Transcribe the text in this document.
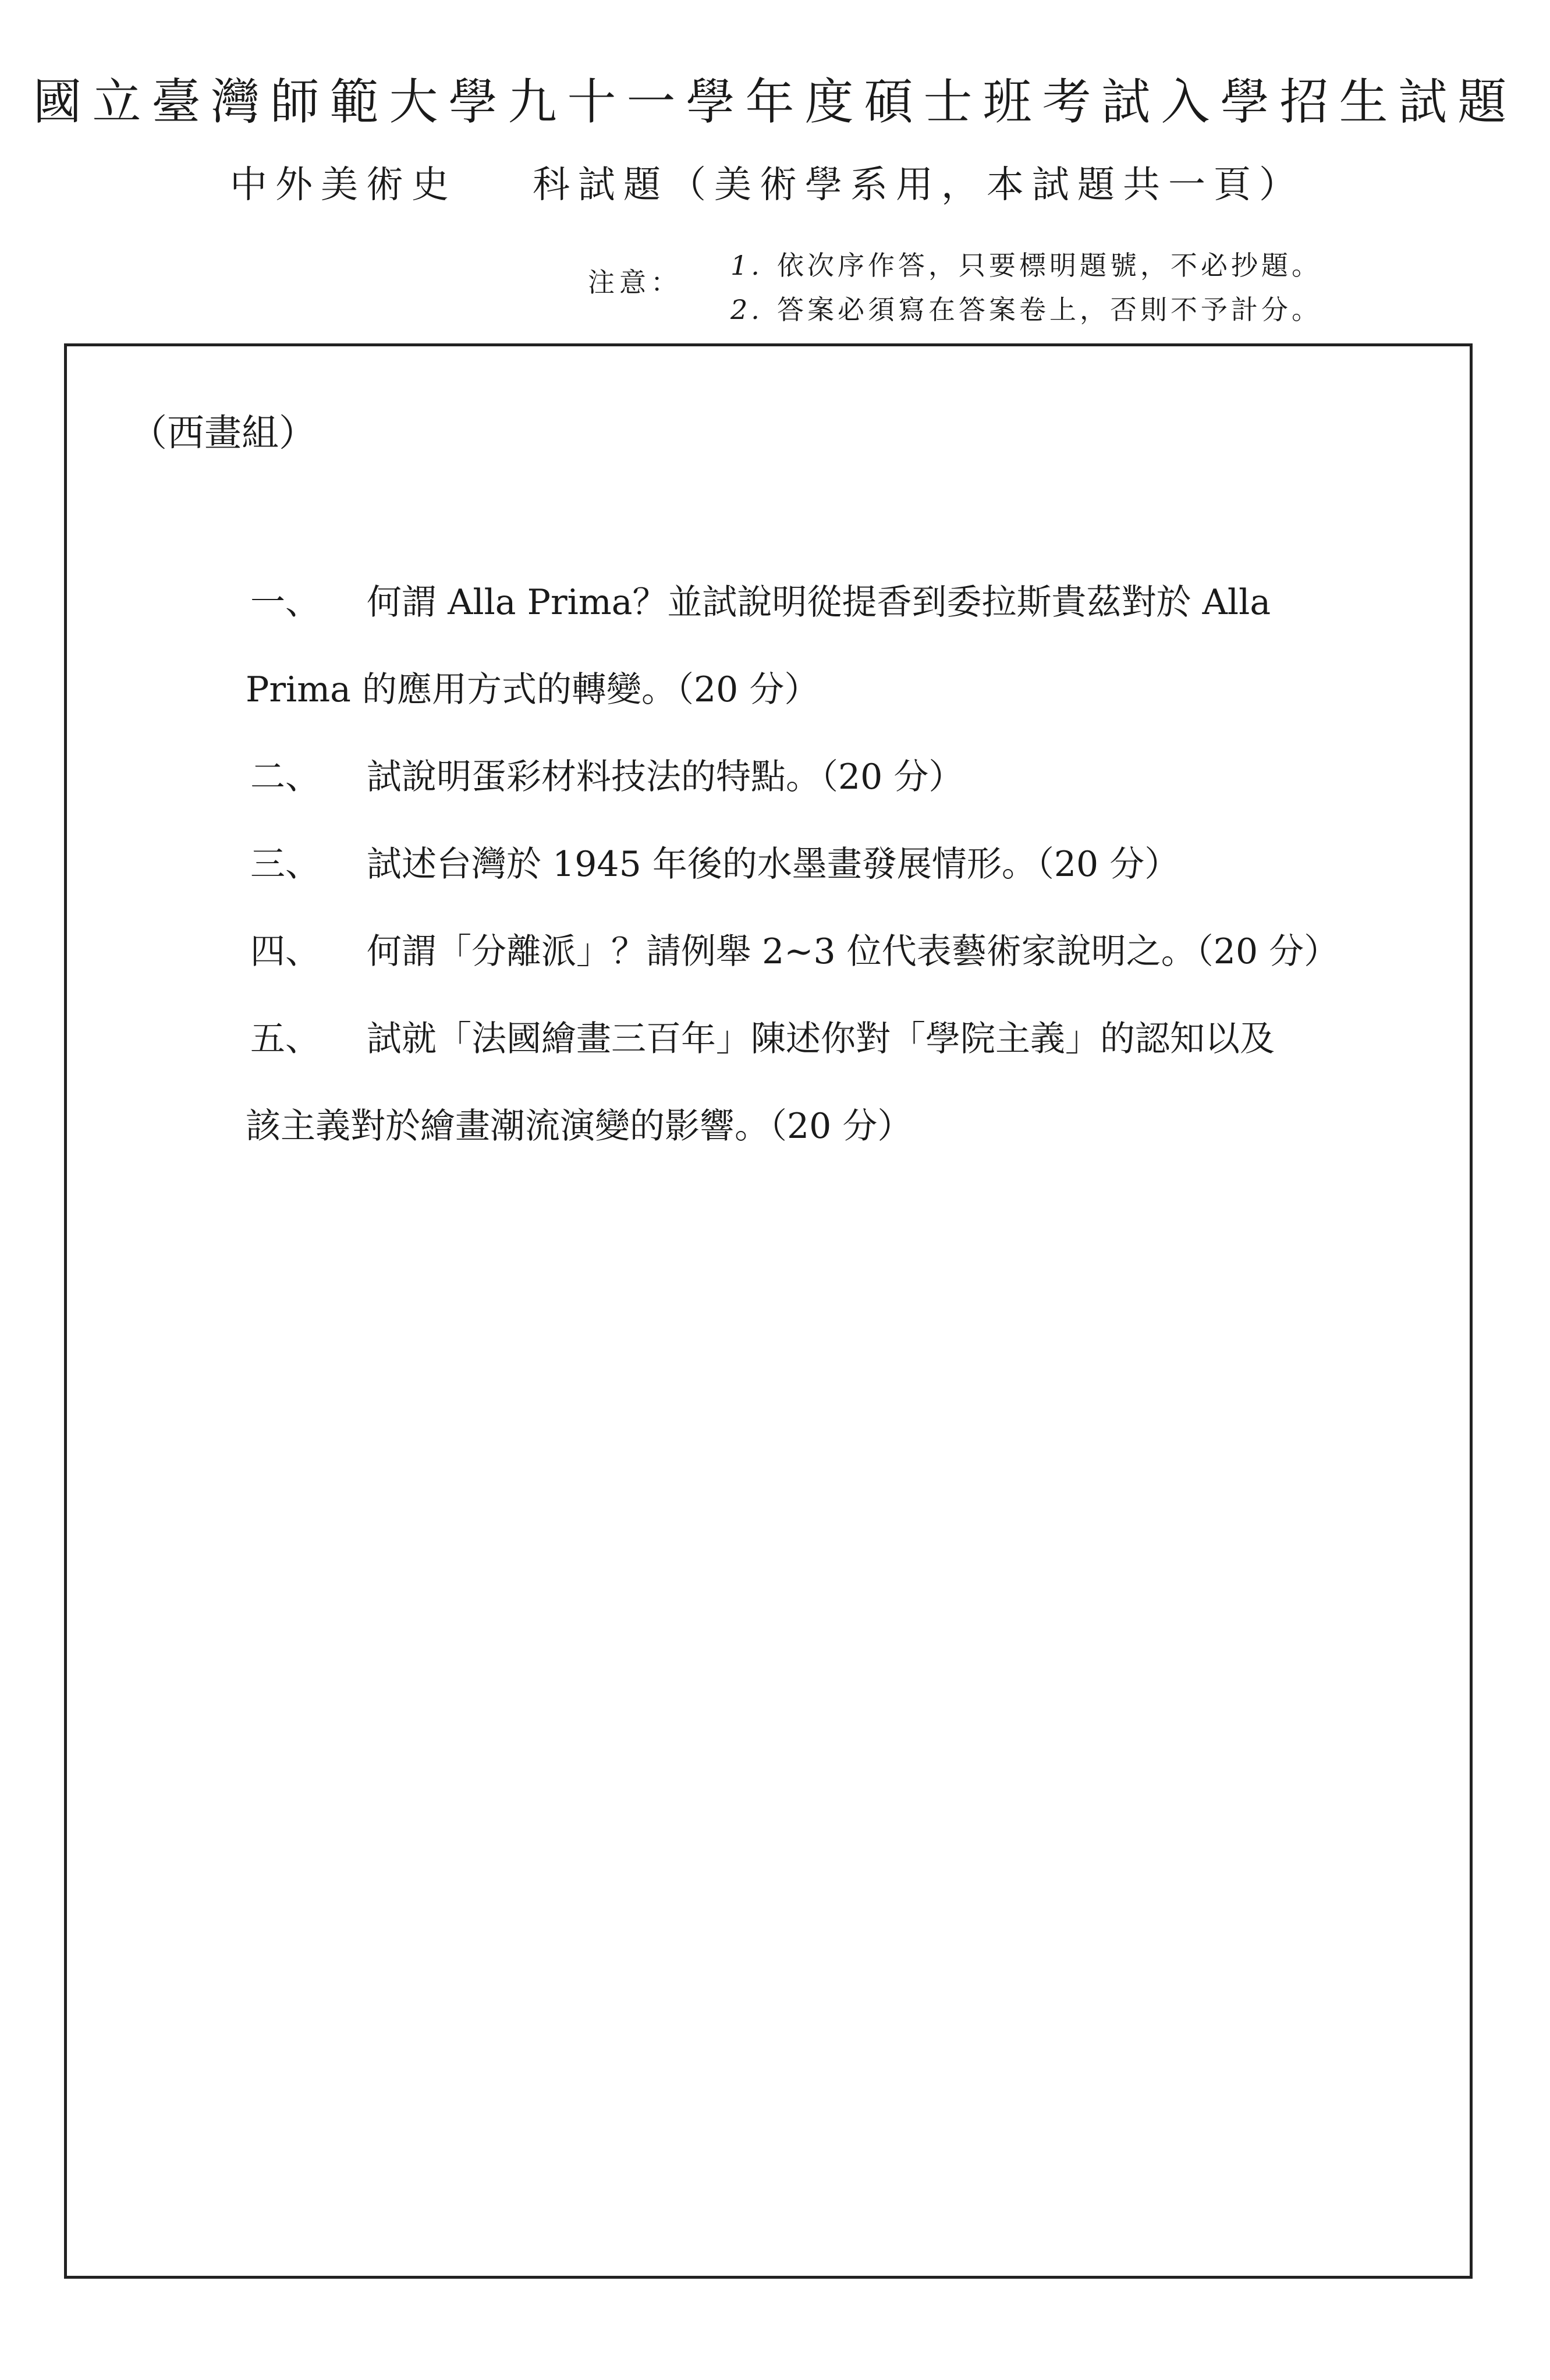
國立臺灣師範大學九十一學年度碩士班考試入學招生試題
中外美術史 科試題（美術學系用，本試題共一頁）
注意：
1. 依次序作答，只要標明題號，不必抄題。
2. 答案必須寫在答案卷上，否則不予計分。
（西畫組）
一、 何謂 Alla Prima？並試說明從提香到委拉斯貴茲對於 Alla
Prima 的應用方式的轉變。（20 分）
二、 試說明蛋彩材料技法的特點。（20 分）
三、 試述台灣於 1945 年後的水墨畫發展情形。（20 分）
四、 何謂「分離派」？請例舉 2~3 位代表藝術家說明之。（20 分）
五、 試就「法國繪畫三百年」陳述你對「學院主義」的認知以及
該主義對於繪畫潮流演變的影響。（20 分）
